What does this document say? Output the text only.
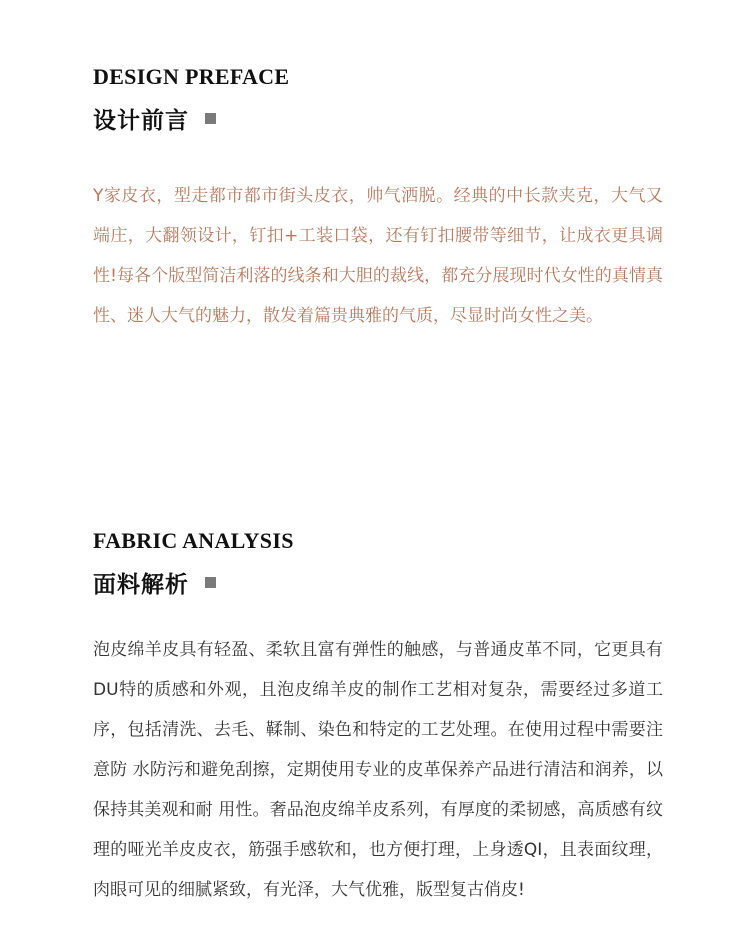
DESIGN PREFACE
设计前言

Y家皮衣，型走都市都市街头皮衣，帅气洒脱。经典的中长款夹克，大气又端庄，大翻领设计，钉扣+工装口袋，还有钉扣腰带等细节，让成衣更具调性!每各个版型简洁利落的线条和大胆的裁线，都充分展现时代女性的真情真性、迷人大气的魅力，散发着篇贵典雅的气质，尽显时尚女性之美。

FABRIC ANALYSIS
面料解析

泡皮绵羊皮具有轻盈、柔软且富有弹性的触感，与普通皮革不同，它更具有DU特的质感和外观，且泡皮绵羊皮的制作工艺相对复杂，需要经过多道工序，包括清洗、去毛、鞣制、染色和特定的工艺处理。在使用过程中需要注意防 水防污和避免刮擦，定期使用专业的皮革保养产品进行清洁和润养，以保持其美观和耐 用性。奢品泡皮绵羊皮系列，有厚度的柔韧感，高质感有纹理的哑光羊皮皮衣，筋强手感软和，也方便打理，上身透QI，且表面纹理，肉眼可见的细腻紧致，有光泽，大气优雅，版型复古俏皮!
